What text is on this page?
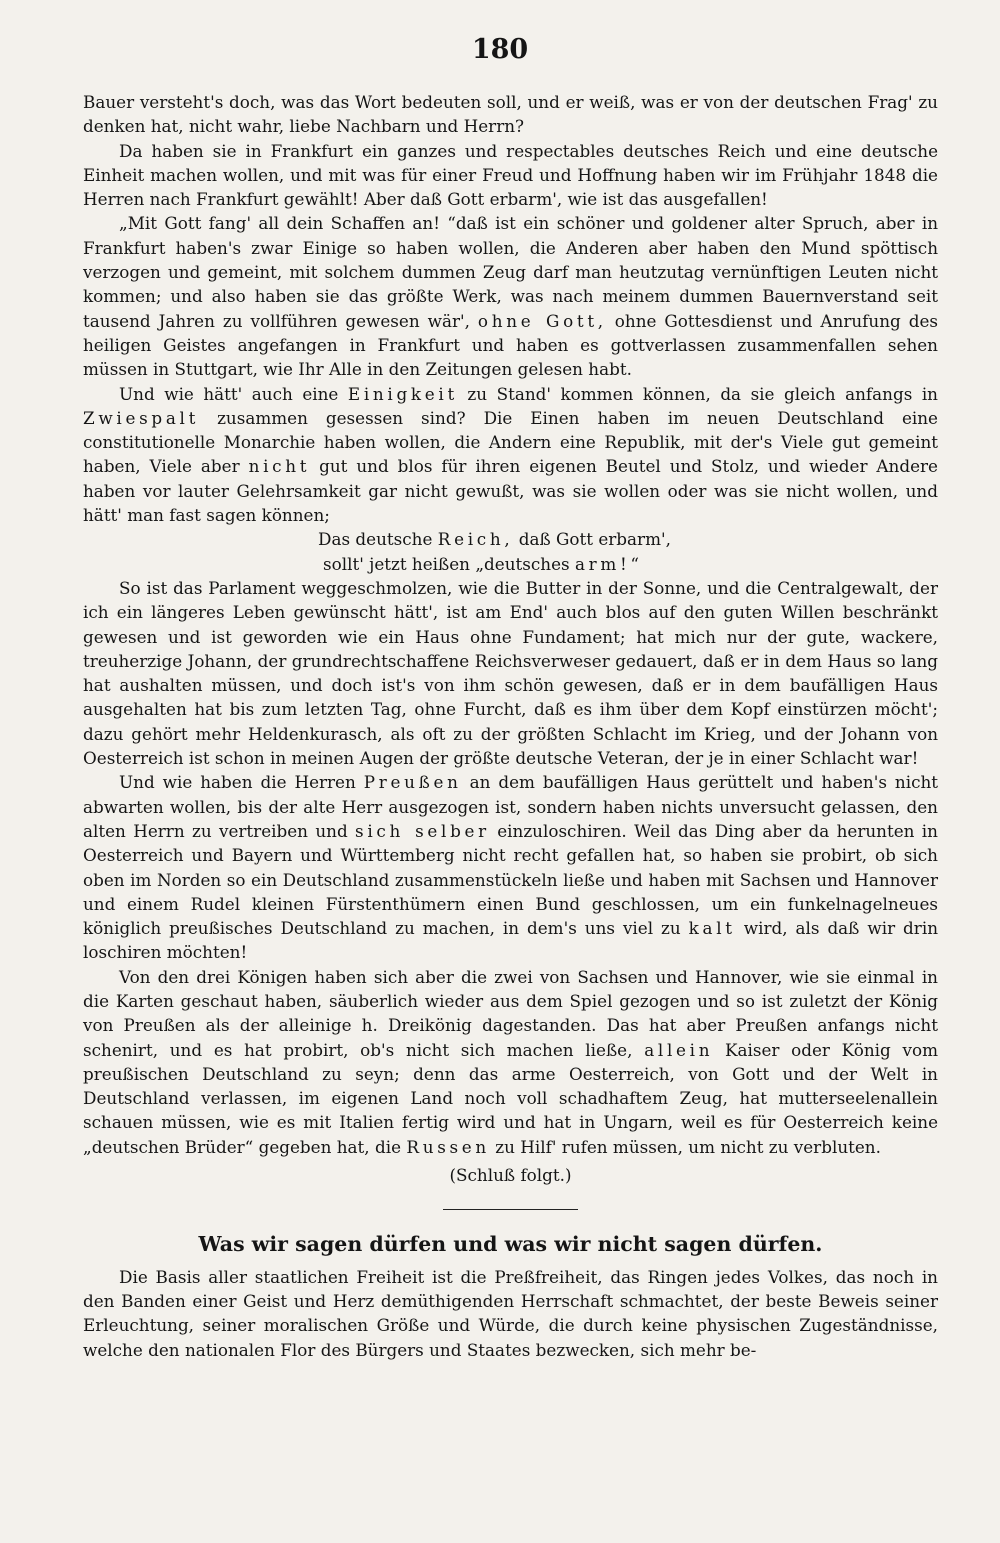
180

Bauer versteht's doch, was das Wort bedeuten soll, und er weiß, was er von der deutschen Frag' zu denken hat, nicht wahr, liebe Nachbarn und Herrn?

Da haben sie in Frankfurt ein ganzes und respectables deutsches Reich und eine deutsche Einheit machen wollen, und mit was für einer Freud und Hoffnung haben wir im Frühjahr 1848 die Herren nach Frankfurt gewählt! Aber daß Gott erbarm', wie ist das ausgefallen!

„Mit Gott fang' all dein Schaffen an! “daß ist ein schöner und goldener alter Spruch, aber in Frankfurt haben's zwar Einige so haben wollen, die Anderen aber haben den Mund spöttisch verzogen und gemeint, mit solchem dummen Zeug darf man heutzutag vernünftigen Leuten nicht kommen; und also haben sie das größte Werk, was nach meinem dummen Bauernverstand seit tausend Jahren zu vollführen gewesen wär', ohne Gott, ohne Gottesdienst und Anrufung des heiligen Geistes angefangen in Frankfurt und haben es gottverlassen zusammenfallen sehen müssen in Stuttgart, wie Ihr Alle in den Zeitungen gelesen habt.

Und wie hätt' auch eine Einigkeit zu Stand' kommen können, da sie gleich anfangs in Zwiespalt zusammen gesessen sind? Die Einen haben im neuen Deutschland eine constitutionelle Monarchie haben wollen, die Andern eine Republik, mit der's Viele gut gemeint haben, Viele aber nicht gut und blos für ihren eigenen Beutel und Stolz, und wieder Andere haben vor lauter Gelehrsamkeit gar nicht gewußt, was sie wollen oder was sie nicht wollen, und hätt' man fast sagen können;

Das deutsche Reich, daß Gott erbarm',

sollt' jetzt heißen „deutsches arm!“

So ist das Parlament weggeschmolzen, wie die Butter in der Sonne, und die Centralgewalt, der ich ein längeres Leben gewünscht hätt', ist am End' auch blos auf den guten Willen beschränkt gewesen und ist geworden wie ein Haus ohne Fundament; hat mich nur der gute, wackere, treuherzige Johann, der grundrechtschaffene Reichsverweser gedauert, daß er in dem Haus so lang hat aushalten müssen, und doch ist's von ihm schön gewesen, daß er in dem baufälligen Haus ausgehalten hat bis zum letzten Tag, ohne Furcht, daß es ihm über dem Kopf einstürzen möcht'; dazu gehört mehr Heldenkurasch, als oft zu der größten Schlacht im Krieg, und der Johann von Oesterreich ist schon in meinen Augen der größte deutsche Veteran, der je in einer Schlacht war!

Und wie haben die Herren Preußen an dem baufälligen Haus gerüttelt und haben's nicht abwarten wollen, bis der alte Herr ausgezogen ist, sondern haben nichts unversucht gelassen, den alten Herrn zu vertreiben und sich selber einzuloschiren. Weil das Ding aber da herunten in Oesterreich und Bayern und Württemberg nicht recht gefallen hat, so haben sie probirt, ob sich oben im Norden so ein Deutschland zusammenstückeln ließe und haben mit Sachsen und Hannover und einem Rudel kleinen Fürstenthümern einen Bund geschlossen, um ein funkelnagelneues königlich preußisches Deutschland zu machen, in dem's uns viel zu kalt wird, als daß wir drin loschiren möchten!

Von den drei Königen haben sich aber die zwei von Sachsen und Hannover, wie sie einmal in die Karten geschaut haben, säuberlich wieder aus dem Spiel gezogen und so ist zuletzt der König von Preußen als der alleinige h. Dreikönig dagestanden. Das hat aber Preußen anfangs nicht schenirt, und es hat probirt, ob's nicht sich machen ließe, allein Kaiser oder König vom preußischen Deutschland zu seyn; denn das arme Oesterreich, von Gott und der Welt in Deutschland verlassen, im eigenen Land noch voll schadhaftem Zeug, hat mutterseelenallein schauen müssen, wie es mit Italien fertig wird und hat in Ungarn, weil es für Oesterreich keine „deutschen Brüder“ gegeben hat, die Russen zu Hilf' rufen müssen, um nicht zu verbluten.

(Schluß folgt.)

Was wir sagen dürfen und was wir nicht sagen dürfen.

Die Basis aller staatlichen Freiheit ist die Preßfreiheit, das Ringen jedes Volkes, das noch in den Banden einer Geist und Herz demüthigenden Herrschaft schmachtet, der beste Beweis seiner Erleuchtung, seiner moralischen Größe und Würde, die durch keine physischen Zugeständnisse, welche den nationalen Flor des Bürgers und Staates bezwecken, sich mehr be-
